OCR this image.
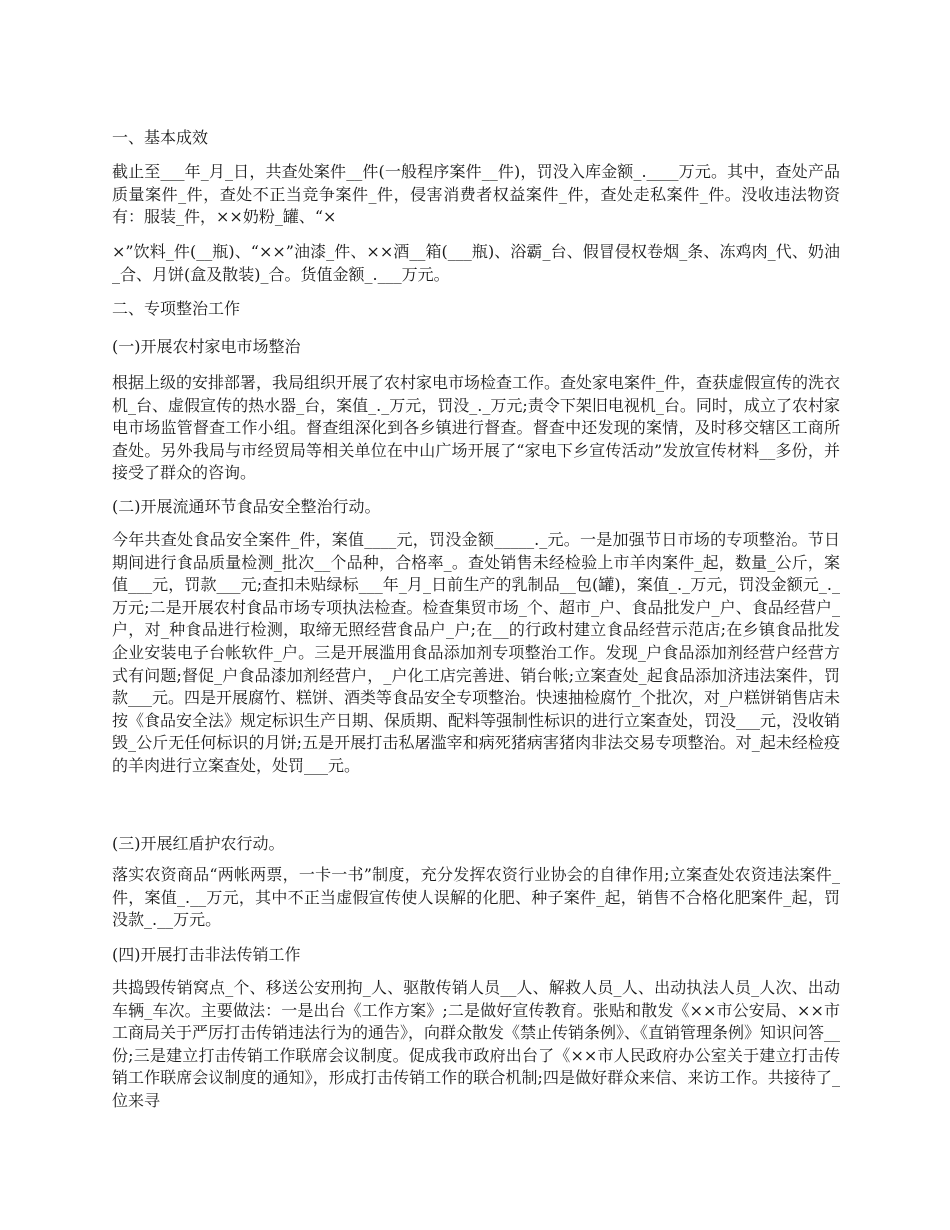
一、基本成效

截止至___年_月_日，共查处案件__件(一般程序案件__件)，罚没入库金额_.____万元。其中，查处产品质量案件_件，查处不正当竞争案件_件，侵害消费者权益案件_件，查处走私案件_件。没收违法物资有：服装_件，××奶粉_罐、“×

×”饮料_件(__瓶)、“××”油漆_件、××酒__箱(___瓶)、浴霸_台、假冒侵权卷烟_条、冻鸡肉_代、奶油_合、月饼(盒及散装)_合。货值金额_.___万元。

二、专项整治工作

(一)开展农村家电市场整治

根据上级的安排部署，我局组织开展了农村家电市场检查工作。查处家电案件_件，查获虚假宣传的洗衣机_台、虚假宣传的热水器_台，案值_._万元，罚没_._万元;责令下架旧电视机_台。同时，成立了农村家电市场监管督查工作小组。督查组深化到各乡镇进行督查。督查中还发现的案情，及时移交辖区工商所查处。另外我局与市经贸局等相关单位在中山广场开展了“家电下乡宣传活动”发放宣传材料__多份，并接受了群众的咨询。

(二)开展流通环节食品安全整治行动。

今年共查处食品安全案件_件，案值____元，罚没金额_____._元。一是加强节日市场的专项整治。节日期间进行食品质量检测_批次__个品种，合格率_。查处销售未经检验上市羊肉案件_起，数量_公斤，案值___元，罚款___元;查扣未贴绿标___年_月_日前生产的乳制品__包(罐)，案值_._万元，罚没金额元_._万元;二是开展农村食品市场专项执法检查。检查集贸市场_个、超市_户、食品批发户_户、食品经营户_户，对_种食品进行检测，取缔无照经营食品户_户;在__的行政村建立食品经营示范店;在乡镇食品批发企业安装电子台帐软件_户。三是开展滥用食品添加剂专项整治工作。发现_户食品添加剂经营户经营方式有问题;督促_户食品漆加剂经营户，_户化工店完善进、销台帐;立案查处_起食品添加济违法案件，罚款___元。四是开展腐竹、糕饼、酒类等食品安全专项整治。快速抽检腐竹_个批次，对_户糕饼销售店未按《食品安全法》规定标识生产日期、保质期、配料等强制性标识的进行立案查处，罚没___元，没收销毁_公斤无任何标识的月饼;五是开展打击私屠滥宰和病死猪病害猪肉非法交易专项整治。对_起未经检疫的羊肉进行立案查处，处罚___元。

(三)开展红盾护农行动。

落实农资商品“两帐两票，一卡一书”制度，充分发挥农资行业协会的自律作用;立案查处农资违法案件_件，案值_.__万元，其中不正当虚假宣传使人误解的化肥、种子案件_起，销售不合格化肥案件_起，罚没款_.__万元。

(四)开展打击非法传销工作

共捣毁传销窝点_个、移送公安刑拘_人、驱散传销人员__人、解救人员_人、出动执法人员_人次、出动车辆_车次。主要做法：一是出台《工作方案》;二是做好宣传教育。张贴和散发《××市公安局、××市工商局关于严厉打击传销违法行为的通告》，向群众散发《禁止传销条例》、《直销管理条例》知识问答__份;三是建立打击传销工作联席会议制度。促成我市政府出台了《××市人民政府办公室关于建立打击传销工作联席会议制度的通知》，形成打击传销工作的联合机制;四是做好群众来信、来访工作。共接待了_位来寻
